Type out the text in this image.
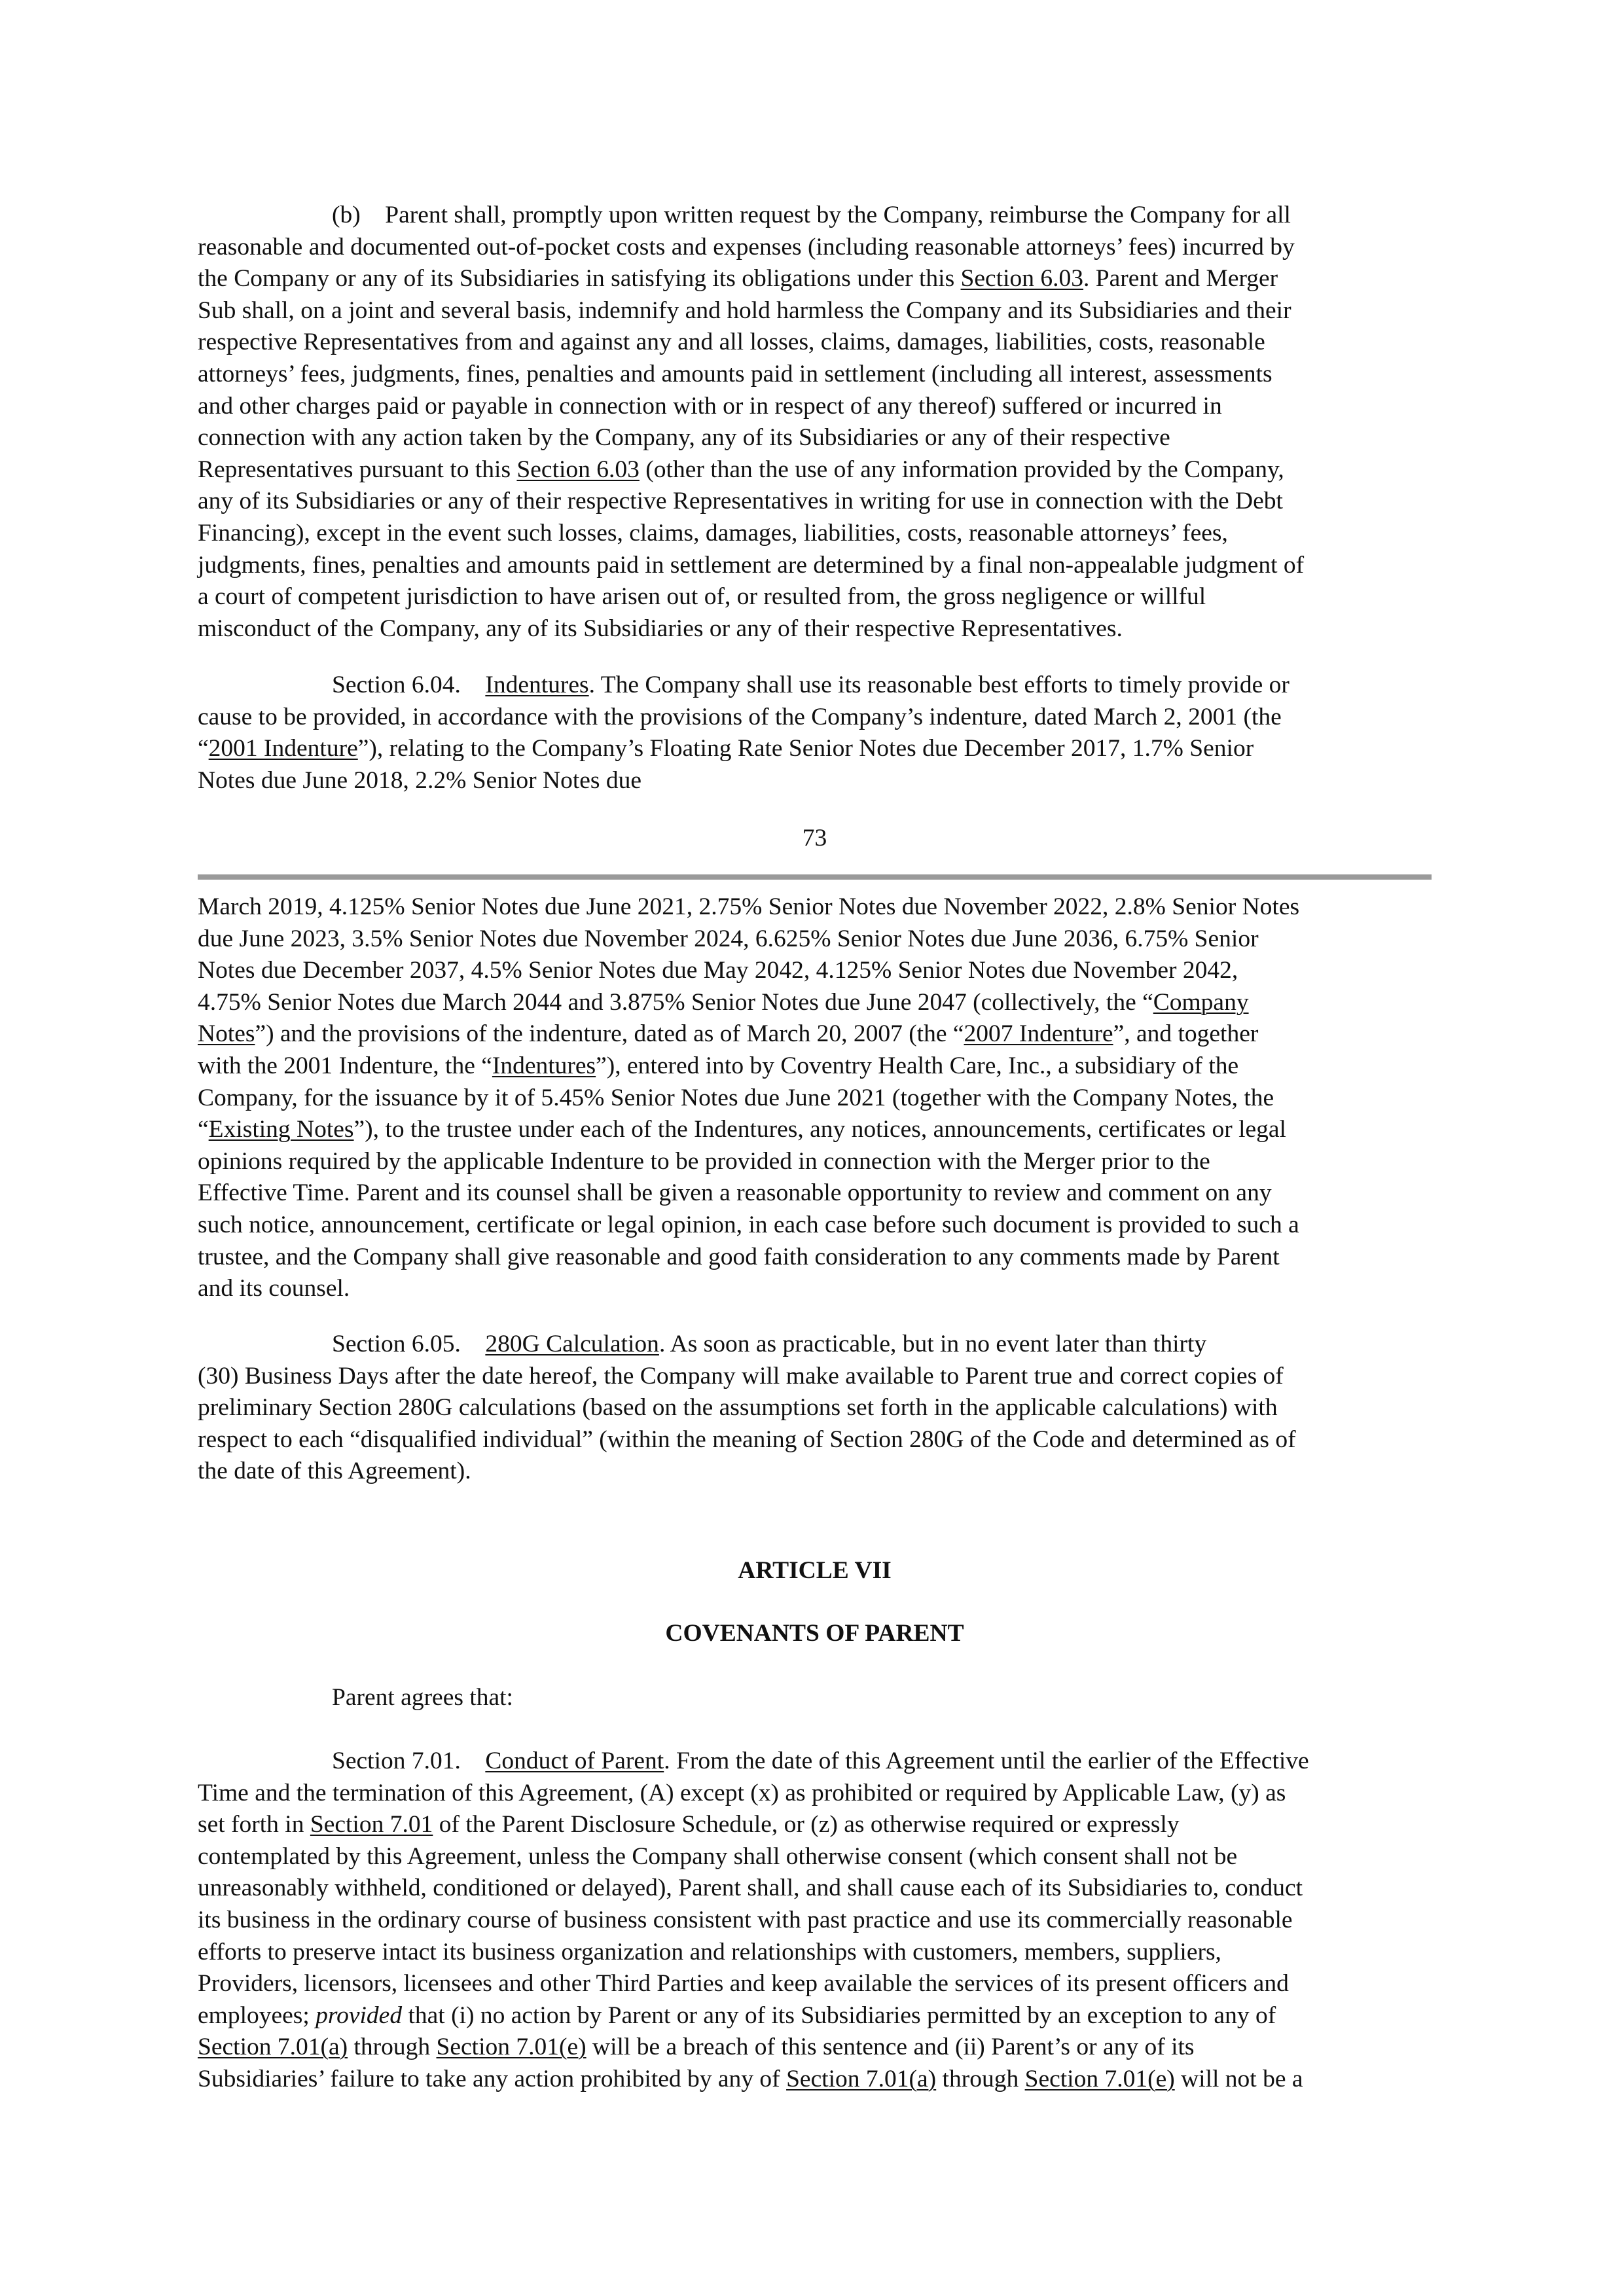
(b)    Parent shall, promptly upon written request by the Company, reimburse the Company for all
reasonable and documented out-of-pocket costs and expenses (including reasonable attorneys’ fees) incurred by
the Company or any of its Subsidiaries in satisfying its obligations under this Section 6.03. Parent and Merger
Sub shall, on a joint and several basis, indemnify and hold harmless the Company and its Subsidiaries and their
respective Representatives from and against any and all losses, claims, damages, liabilities, costs, reasonable
attorneys’ fees, judgments, fines, penalties and amounts paid in settlement (including all interest, assessments
and other charges paid or payable in connection with or in respect of any thereof) suffered or incurred in
connection with any action taken by the Company, any of its Subsidiaries or any of their respective
Representatives pursuant to this Section 6.03 (other than the use of any information provided by the Company,
any of its Subsidiaries or any of their respective Representatives in writing for use in connection with the Debt
Financing), except in the event such losses, claims, damages, liabilities, costs, reasonable attorneys’ fees,
judgments, fines, penalties and amounts paid in settlement are determined by a final non-appealable judgment of
a court of competent jurisdiction to have arisen out of, or resulted from, the gross negligence or willful
misconduct of the Company, any of its Subsidiaries or any of their respective Representatives.

Section 6.04.    Indentures. The Company shall use its reasonable best efforts to timely provide or
cause to be provided, in accordance with the provisions of the Company’s indenture, dated March 2, 2001 (the
“2001 Indenture”), relating to the Company’s Floating Rate Senior Notes due December 2017, 1.7% Senior
Notes due June 2018, 2.2% Senior Notes due

73

March 2019, 4.125% Senior Notes due June 2021, 2.75% Senior Notes due November 2022, 2.8% Senior Notes
due June 2023, 3.5% Senior Notes due November 2024, 6.625% Senior Notes due June 2036, 6.75% Senior
Notes due December 2037, 4.5% Senior Notes due May 2042, 4.125% Senior Notes due November 2042,
4.75% Senior Notes due March 2044 and 3.875% Senior Notes due June 2047 (collectively, the “Company
Notes”) and the provisions of the indenture, dated as of March 20, 2007 (the “2007 Indenture”, and together
with the 2001 Indenture, the “Indentures”), entered into by Coventry Health Care, Inc., a subsidiary of the
Company, for the issuance by it of 5.45% Senior Notes due June 2021 (together with the Company Notes, the
“Existing Notes”), to the trustee under each of the Indentures, any notices, announcements, certificates or legal
opinions required by the applicable Indenture to be provided in connection with the Merger prior to the
Effective Time. Parent and its counsel shall be given a reasonable opportunity to review and comment on any
such notice, announcement, certificate or legal opinion, in each case before such document is provided to such a
trustee, and the Company shall give reasonable and good faith consideration to any comments made by Parent
and its counsel.

Section 6.05.    280G Calculation. As soon as practicable, but in no event later than thirty
(30) Business Days after the date hereof, the Company will make available to Parent true and correct copies of
preliminary Section 280G calculations (based on the assumptions set forth in the applicable calculations) with
respect to each “disqualified individual” (within the meaning of Section 280G of the Code and determined as of
the date of this Agreement).

ARTICLE VII
COVENANTS OF PARENT

Parent agrees that:

Section 7.01.    Conduct of Parent. From the date of this Agreement until the earlier of the Effective
Time and the termination of this Agreement, (A) except (x) as prohibited or required by Applicable Law, (y) as
set forth in Section 7.01 of the Parent Disclosure Schedule, or (z) as otherwise required or expressly
contemplated by this Agreement, unless the Company shall otherwise consent (which consent shall not be
unreasonably withheld, conditioned or delayed), Parent shall, and shall cause each of its Subsidiaries to, conduct
its business in the ordinary course of business consistent with past practice and use its commercially reasonable
efforts to preserve intact its business organization and relationships with customers, members, suppliers,
Providers, licensors, licensees and other Third Parties and keep available the services of its present officers and
employees; provided that (i) no action by Parent or any of its Subsidiaries permitted by an exception to any of
Section 7.01(a) through Section 7.01(e) will be a breach of this sentence and (ii) Parent’s or any of its
Subsidiaries’ failure to take any action prohibited by any of Section 7.01(a) through Section 7.01(e) will not be a
